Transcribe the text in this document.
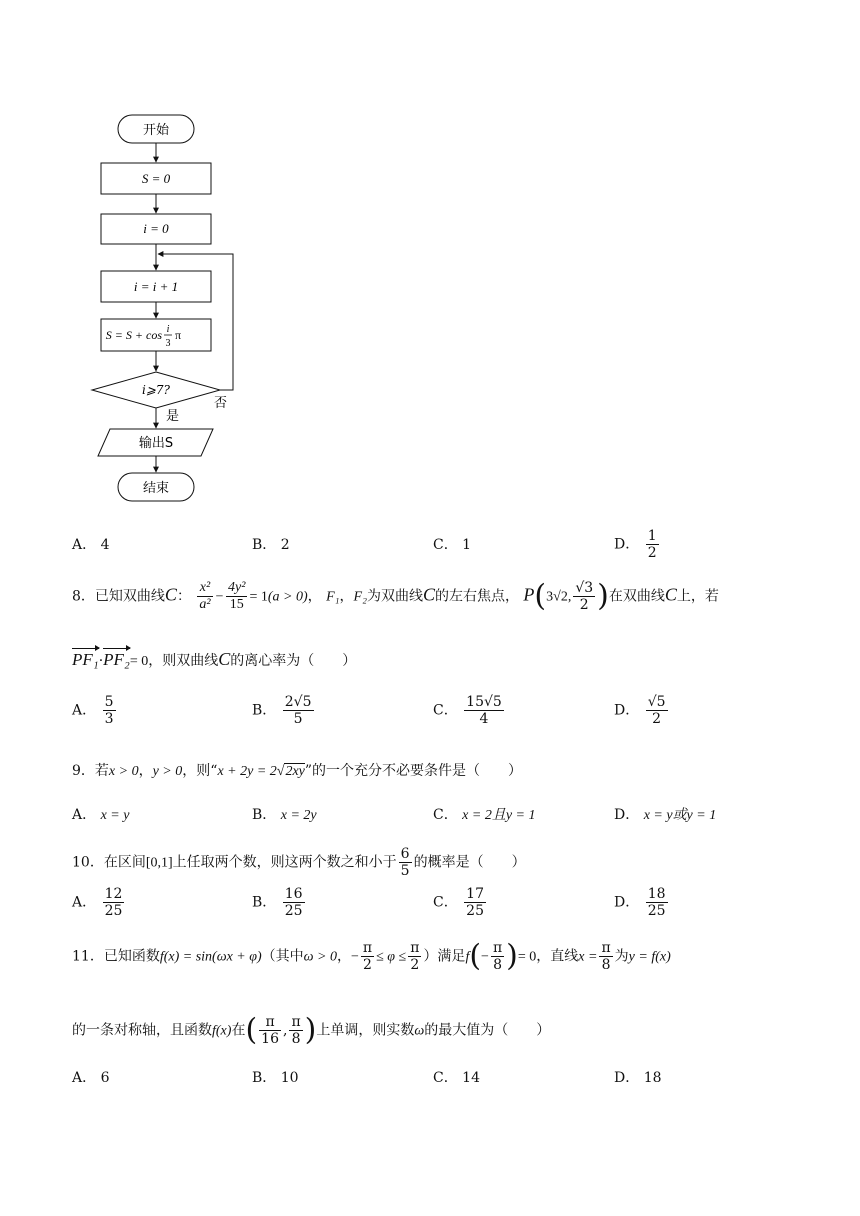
开始
S = 0
i = 0
i = i + 1
S = S + cos i
3
π
i⩾7?
否
是
输出S
结束
A． 4	B． 2	C． 1	D． $\frac{1}{2}$
8．已知双曲线C： $\frac{\text{x²}}{\text{a²}} - \frac{\text{4y²}}{15} = 1(a > 0)$， F₁，F₂为双曲线C的左右焦点， P(3√2, $\frac{√3}{2}$ )在双曲线C上，若
PF₁·PF₂= 0，则双曲线C的离心率为（　　）
A． $\frac{5}{3}$	B． $\frac{2√5}{5}$	C． $\frac{15√5}{4}$	D． $\frac{√5}{2}$
9．若x > 0，y > 0，则“x + 2y = 2√2xy”的一个充分不必要条件是（　　）
A． x = y	B． x = 2y	C． x = 2且y = 1	D． x = y或y = 1
10．在区间[0,1]上任取两个数，则这两个数之和小于 $\frac{6}{5}$ 的概率是（　　）
A． $\frac{12}{25}$	B． $\frac{16}{25}$	C． $\frac{17}{25}$	D． $\frac{18}{25}$
11．已知函数f(x) = sin(ωx + φ)（其中ω > 0，− $\frac{\pi}{2} \le \varphi \le \frac{\pi}{2}$ ）满足$f(- \frac{\pi}{8}$ )= 0，直线$x = \frac{\pi}{8}$ 为y = f(x)
的一条对称轴，且函数f(x)在( $\frac{\pi}{16}$ , $\frac{\pi}{8}$ )上单调，则实数ω的最大值为（　　）
A． 6	B． 10	C． 14	D． 18
